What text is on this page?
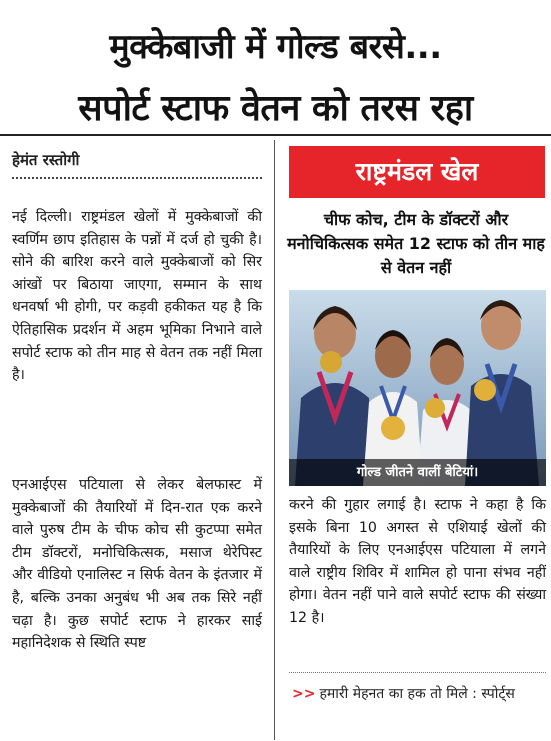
मुक्केबाजी में गोल्ड बरसे...
सपोर्ट स्टाफ वेतन को तरस रहा
हेमंत रस्तोगी

नई दिल्ली। राष्ट्रमंडल खेलों में मुक्केबाजों की स्वर्णिम छाप इतिहास के पन्नों में दर्ज हो चुकी है। सोने की बारिश करने वाले मुक्केबाजों को सिर आंखों पर बिठाया जाएगा, सम्मान के साथ धनवर्षा भी होगी, पर कड़वी हकीकत यह है कि ऐतिहासिक प्रदर्शन में अहम भूमिका निभाने वाले सपोर्ट स्टाफ को तीन माह से वेतन तक नहीं मिला है।

एनआईएस पटियाला से लेकर बेलफास्ट में मुक्केबाजों की तैयारियों में दिन-रात एक करने वाले पुरुष टीम के चीफ कोच सी कुटप्पा समेत टीम डॉक्टरों, मनोचिकित्सक, मसाज थेरेपिस्ट और वीडियो एनालिस्ट न सिर्फ वेतन के इंतजार में है, बल्कि उनका अनुबंध भी अब तक सिरे नहीं चढ़ा है। कुछ सपोर्ट स्टाफ ने हारकर साई महानिदेशक से स्थिति स्पष्ट

राष्ट्रमंडल खेल
चीफ कोच, टीम के डॉक्टरों और मनोचिकित्सक समेत 12 स्टाफ को तीन माह से वेतन नहीं
गोल्ड जीतने वालीं बेटियां।

करने की गुहार लगाई है। स्टाफ ने कहा है कि इसके बिना 10 अगस्त से एशियाई खेलों की तैयारियों के लिए एनआईएस पटियाला में लगने वाले राष्ट्रीय शिविर में शामिल हो पाना संभव नहीं होगा। वेतन नहीं पाने वाले सपोर्ट स्टाफ की संख्या 12 है।

>> हमारी मेहनत का हक तो मिले : स्पोर्ट्स
